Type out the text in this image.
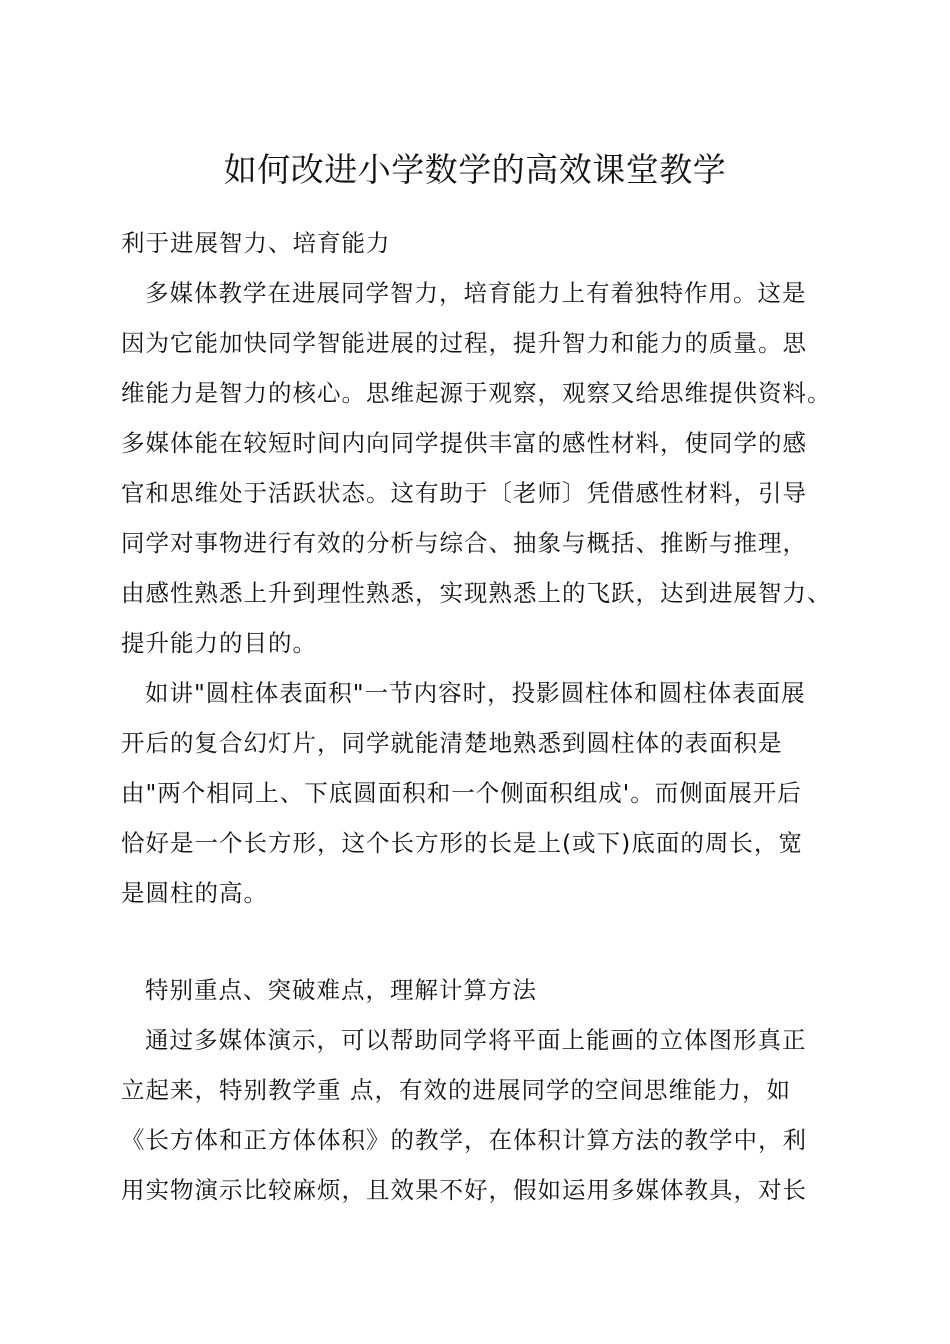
如何改进小学数学的高效课堂教学
利于进展智力、培育能力
多媒体教学在进展同学智力，培育能力上有着独特作用。这是
因为它能加快同学智能进展的过程，提升智力和能力的质量。思
维能力是智力的核心。思维起源于观察，观察又给思维提供资料。
多媒体能在较短时间内向同学提供丰富的感性材料，使同学的感
官和思维处于活跃状态。这有助于〔老师〕凭借感性材料，引导
同学对事物进行有效的分析与综合、抽象与概括、推断与推理，
由感性熟悉上升到理性熟悉，实现熟悉上的飞跃，达到进展智力、
提升能力的目的。
如讲"圆柱体表面积"一节内容时，投影圆柱体和圆柱体表面展
开后的复合幻灯片，同学就能清楚地熟悉到圆柱体的表面积是
由"两个相同上、下底圆面积和一个侧面积组成'。而侧面展开后
恰好是一个长方形，这个长方形的长是上(或下)底面的周长，宽
是圆柱的高。
特别重点、突破难点，理解计算方法
通过多媒体演示，可以帮助同学将平面上能画的立体图形真正
立起来，特别教学重 点，有效的进展同学的空间思维能力，如
《长方体和正方体体积》的教学，在体积计算方法的教学中，利
用实物演示比较麻烦，且效果不好，假如运用多媒体教具，对长
